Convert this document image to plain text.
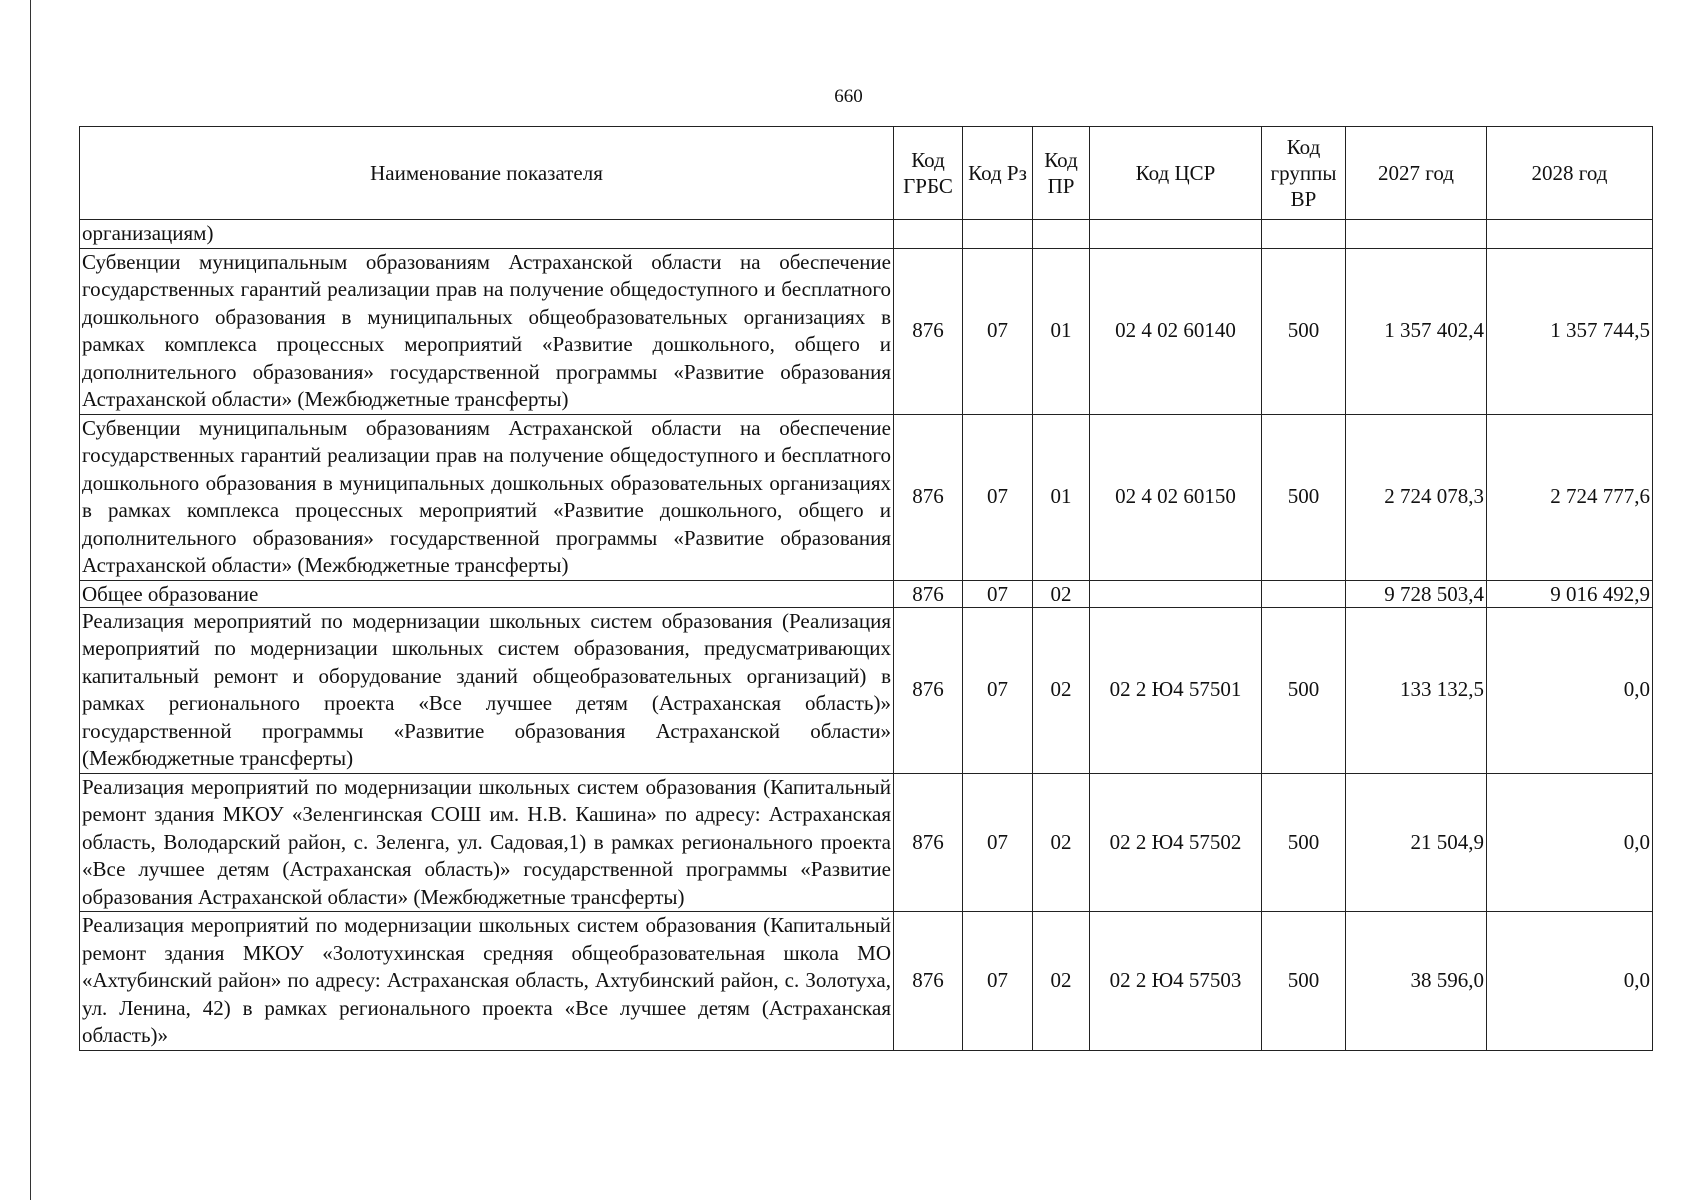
660
Наименование показателя	Код ГРБС	Код Рз	Код ПР	Код ЦСР	Код группы ВР	2027 год	2028 год
организациям)							
Субвенции муниципальным образованиям Астраханской области на обеспечение государственных гарантий реализации прав на получение общедоступного и бесплатного дошкольного образования в муниципальных общеобразовательных организациях в рамках комплекса процессных мероприятий «Развитие дошкольного, общего и дополнительного образования» государственной программы «Развитие образования Астраханской области» (Межбюджетные трансферты)	876	07	01	02 4 02 60140	500	1 357 402,4	1 357 744,5
Субвенции муниципальным образованиям Астраханской области на обеспечение государственных гарантий реализации прав на получение общедоступного и бесплатного дошкольного образования в муниципальных дошкольных образовательных организациях в рамках комплекса процессных мероприятий «Развитие дошкольного, общего и дополнительного образования» государственной программы «Развитие образования Астраханской области» (Межбюджетные трансферты)	876	07	01	02 4 02 60150	500	2 724 078,3	2 724 777,6
Общее образование	876	07	02			9 728 503,4	9 016 492,9
Реализация мероприятий по модернизации школьных систем образования (Реализация мероприятий по модернизации школьных систем образования, предусматривающих капитальный ремонт и оборудование зданий общеобразовательных организаций) в рамках регионального проекта «Все лучшее детям (Астраханская область)» государственной программы «Развитие образования Астраханской области» (Межбюджетные трансферты)	876	07	02	02 2 Ю4 57501	500	133 132,5	0,0
Реализация мероприятий по модернизации школьных систем образования (Капитальный ремонт здания МКОУ «Зеленгинская СОШ им. Н.В. Кашина» по адресу: Астраханская область, Володарский район, с. Зеленга, ул. Садовая,1) в рамках регионального проекта «Все лучшее детям (Астраханская область)» государственной программы «Развитие образования Астраханской области» (Межбюджетные трансферты)	876	07	02	02 2 Ю4 57502	500	21 504,9	0,0
Реализация мероприятий по модернизации школьных систем образования (Капитальный ремонт здания МКОУ «Золотухинская средняя общеобразовательная школа МО «Ахтубинский район» по адресу: Астраханская область, Ахтубинский район, с. Золотуха, ул. Ленина, 42) в рамках регионального проекта «Все лучшее детям (Астраханская область)»	876	07	02	02 2 Ю4 57503	500	38 596,0	0,0
